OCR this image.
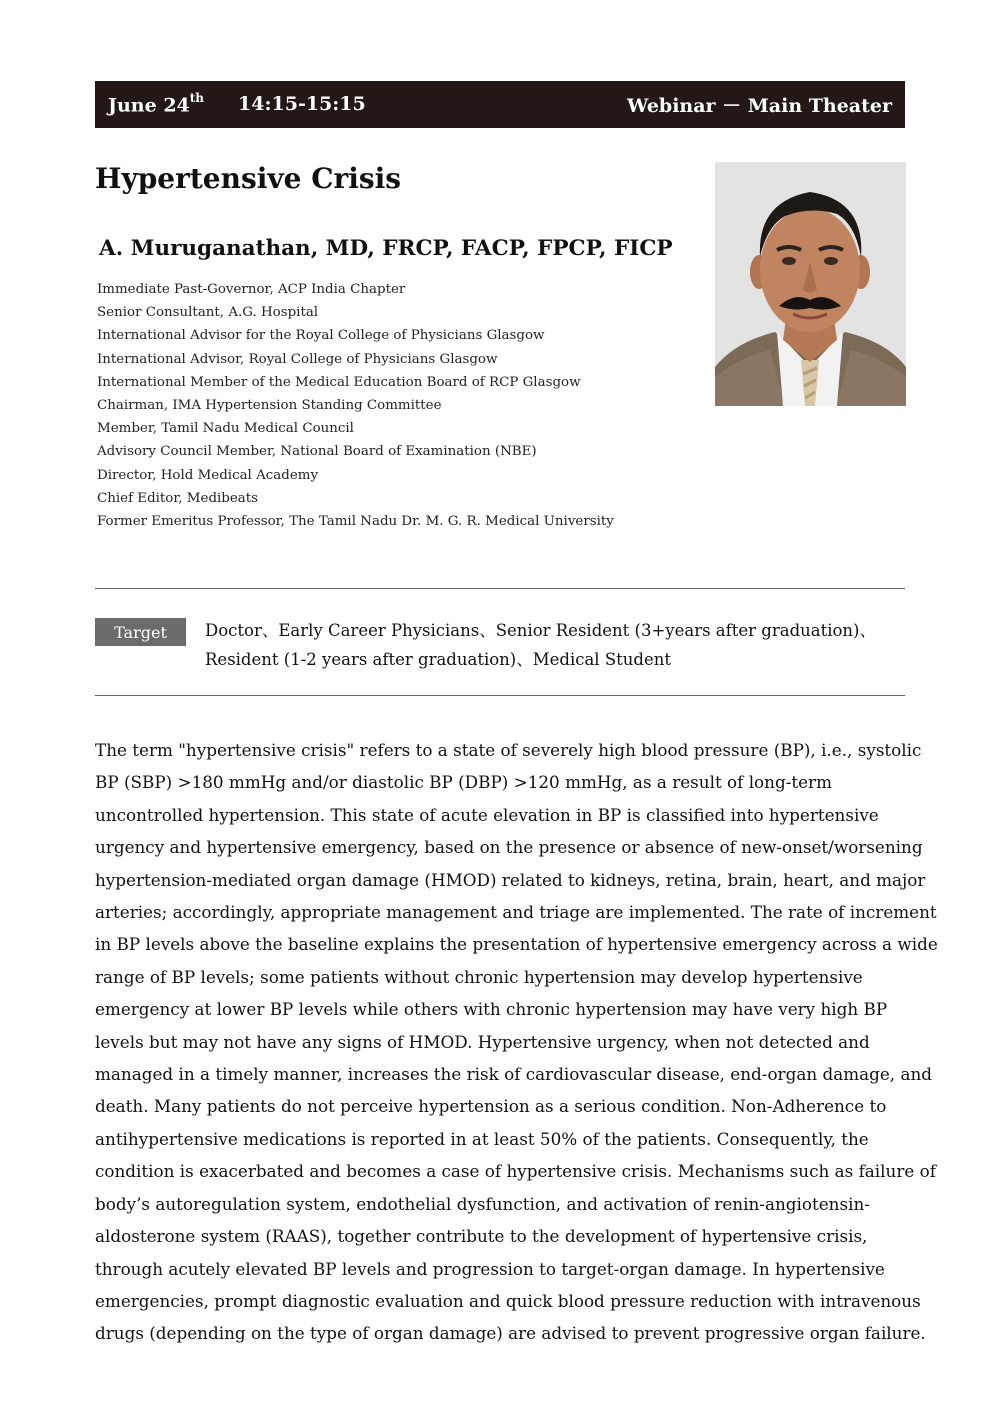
June 24th 14:15-15:15	Webinar － Main Theater
Hypertensive Crisis
A. Muruganathan, MD, FRCP, FACP, FPCP, FICP
Immediate Past-Governor, ACP India Chapter
Senior Consultant, A.G. Hospital
International Advisor for the Royal College of Physicians Glasgow
International Advisor, Royal College of Physicians Glasgow
International Member of the Medical Education Board of RCP Glasgow
Chairman, IMA Hypertension Standing Committee
Member, Tamil Nadu Medical Council
Advisory Council Member, National Board of Examination (NBE)
Director, Hold Medical Academy
Chief Editor, Medibeats
Former Emeritus Professor, The Tamil Nadu Dr. M. G. R. Medical University
Target	Doctor、Early Career Physicians、Senior Resident (3+years after graduation)、
Resident (1-2 years after graduation)、Medical Student

The term "hypertensive crisis" refers to a state of severely high blood pressure (BP), i.e., systolic
BP (SBP) >180 mmHg and/or diastolic BP (DBP) >120 mmHg, as a result of long-term
uncontrolled hypertension. This state of acute elevation in BP is classified into hypertensive
urgency and hypertensive emergency, based on the presence or absence of new-onset/worsening
hypertension-mediated organ damage (HMOD) related to kidneys, retina, brain, heart, and major
arteries; accordingly, appropriate management and triage are implemented. The rate of increment
in BP levels above the baseline explains the presentation of hypertensive emergency across a wide
range of BP levels; some patients without chronic hypertension may develop hypertensive
emergency at lower BP levels while others with chronic hypertension may have very high BP
levels but may not have any signs of HMOD. Hypertensive urgency, when not detected and
managed in a timely manner, increases the risk of cardiovascular disease, end-organ damage, and
death. Many patients do not perceive hypertension as a serious condition. Non-Adherence to
antihypertensive medications is reported in at least 50% of the patients. Consequently, the
condition is exacerbated and becomes a case of hypertensive crisis. Mechanisms such as failure of
body’s autoregulation system, endothelial dysfunction, and activation of renin-angiotensin-
aldosterone system (RAAS), together contribute to the development of hypertensive crisis,
through acutely elevated BP levels and progression to target-organ damage. In hypertensive
emergencies, prompt diagnostic evaluation and quick blood pressure reduction with intravenous
drugs (depending on the type of organ damage) are advised to prevent progressive organ failure.
